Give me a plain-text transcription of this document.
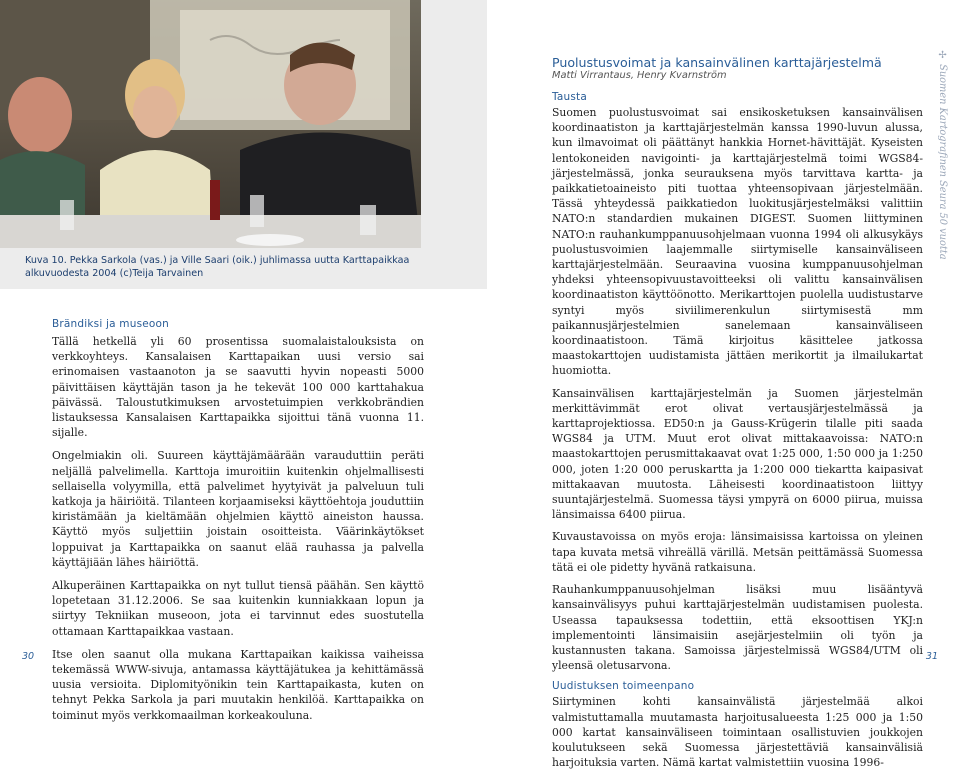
Kuva 10. Pekka Sarkola (vas.) ja Ville Saari (oik.) juhlimassa uutta Karttapaikkaa alkuvuodesta 2004 (c)Teija Tarvainen
Brändiksi ja museoon

Tällä hetkellä yli 60 prosentissa suomalaistalouksista on verkkoyhteys. Kansalaisen Karttapaikan uusi versio sai erinomaisen vastaanoton ja se saavutti hyvin nopeasti 5000 päivittäisen käyttäjän tason ja he tekevät 100 000 karttahakua päivässä. Taloustutkimuksen arvostetuimpien verkkobrändien listauksessa Kansalaisen Karttapaikka sijoittui tänä vuonna 11. sijalle.

Ongelmiakin oli. Suureen käyttäjämäärään varauduttiin peräti neljällä palvelimella. Karttoja imuroitiin kuitenkin ohjelmallisesti sellaisella volyymilla, että palvelimet hyytyivät ja palveluun tuli katkoja ja häiriöitä. Tilanteen korjaamiseksi käyttöehtoja jouduttiin kiristämään ja kieltämään ohjelmien käyttö aineiston haussa. Käyttö myös suljettiin joistain osoitteista. Väärinkäytökset loppuivat ja Karttapaikka on saanut elää rauhassa ja palvella käyttäjiään lähes häiriöttä.

Alkuperäinen Karttapaikka on nyt tullut tiensä päähän. Sen käyttö lopetetaan 31.12.2006. Se saa kuitenkin kunniakkaan lopun ja siirtyy Tekniikan museoon, jota ei tarvinnut edes suostutella ottamaan Karttapaikkaa vastaan.

Itse olen saanut olla mukana Karttapaikan kaikissa vaiheissa tekemässä WWW-sivuja, antamassa käyttäjätukea ja kehittämässä uusia versioita. Diplomityönikin tein Karttapaikasta, kuten on tehnyt Pekka Sarkola ja pari muutakin henkilöä. Karttapaikka on toiminut myös verkkomaailman korkeakouluna.

30
Puolustusvoimat ja kansainvälinen karttajärjestelmä
Matti Virrantaus, Henry Kvarnström
Tausta

Suomen puolustusvoimat sai ensikosketuksen kansainvälisen koordinaatiston ja karttajärjestelmän kanssa 1990-luvun alussa, kun ilmavoimat oli päättänyt hankkia Hornet-hävittäjät. Kyseisten lentokoneiden navigointi- ja karttajärjestelmä toimi WGS84-järjestelmässä, jonka seurauksena myös tarvittava kartta- ja paikkatietoaineisto piti tuottaa yhteensopivaan järjestelmään. Tässä yhteydessä paikkatiedon luokitusjärjestelmäksi valittiin NATO:n standardien mukainen DIGEST. Suomen liittyminen NATO:n rauhankumppanuusohjelmaan vuonna 1994 oli alkusykäys puolustusvoimien laajemmalle siirtymiselle kansainväliseen karttajärjestelmään. Seuraavina vuosina kumppanuusohjelman yhdeksi yhteensopivuustavoitteeksi oli valittu kansainvälisen koordinaatiston käyttöönotto. Merikarttojen puolella uudistustarve syntyi myös siviilimerenkulun siirtymisestä mm paikannusjärjestelmien sanelemaan kansainväliseen koordinaatistoon. Tämä kirjoitus käsittelee jatkossa maastokarttojen uudistamista jättäen merikortit ja ilmailukartat huomiotta.

Kansainvälisen karttajärjestelmän ja Suomen järjestelmän merkittävimmät erot olivat vertausjärjestelmässä ja karttaprojektiossa. ED50:n ja Gauss-Krügerin tilalle piti saada WGS84 ja UTM. Muut erot olivat mittakaavoissa: NATO:n maastokarttojen perusmittakaavat ovat 1:25 000, 1:50 000 ja 1:250 000, joten 1:20 000 peruskartta ja 1:200 000 tiekartta kaipasivat mittakaavan muutosta. Läheisesti koordinaatistoon liittyy suuntajärjestelmä. Suomessa täysi ympyrä on 6000 piirua, muissa länsimaissa 6400 piirua.

Kuvaustavoissa on myös eroja: länsimaisissa kartoissa on yleinen tapa kuvata metsä vihreällä värillä. Metsän peittämässä Suomessa tätä ei ole pidetty hyvänä ratkaisuna.

Rauhankumppanuusohjelman lisäksi muu lisääntyvä kansainvälisyys puhui karttajärjestelmän uudistamisen puolesta. Useassa tapauksessa todettiin, että eksoottisen YKJ:n implementointi länsimaisiin asejärjestelmiin oli työn ja kustannusten takana. Samoissa järjestelmissä WGS84/UTM oli yleensä oletusarvona.

Uudistuksen toimeenpano

Siirtyminen kohti kansainvälistä järjestelmää alkoi valmistuttamalla muutamasta harjoitusalueesta 1:25 000 ja 1:50 000 kartat kansainväliseen toimintaan osallistuvien joukkojen koulutukseen sekä Suomessa järjestettäviä kansainvälisiä harjoituksia varten. Nämä kartat valmistettiin vuosina 1996-

✢ Suomen Kartografinen Seura 50 vuotta
31
